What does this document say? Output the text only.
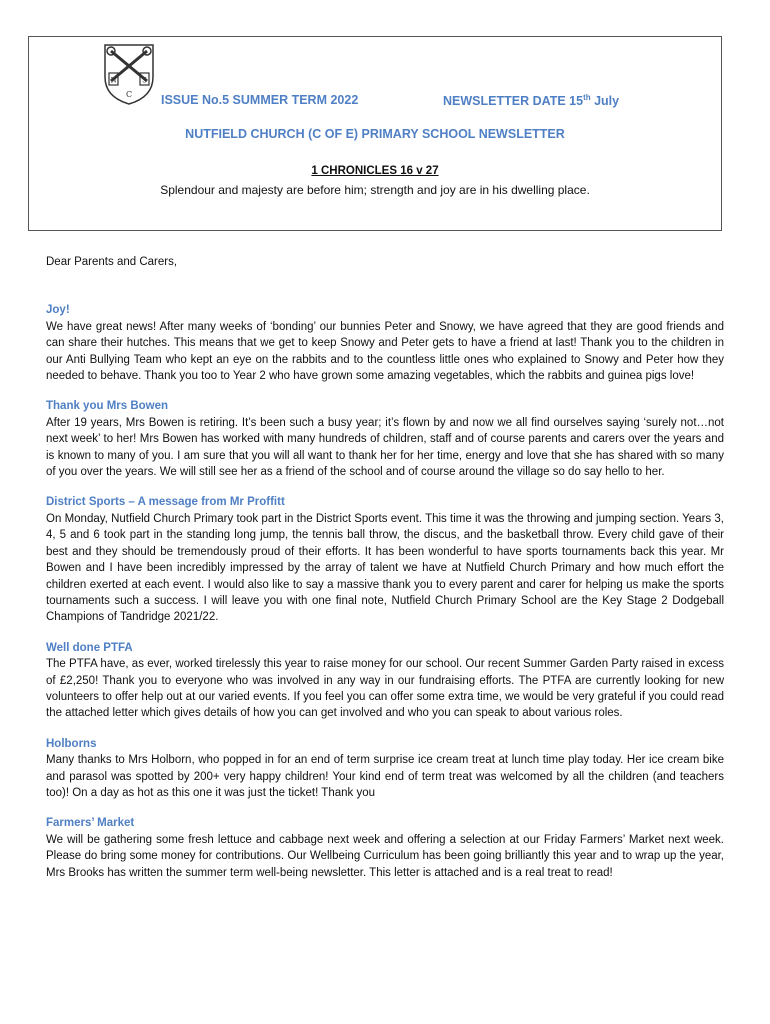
N	S
C ISSUE No.5 SUMMER TERM 2022	NEWSLETTER DATE 15th July
NUTFIELD CHURCH (C OF E) PRIMARY SCHOOL NEWSLETTER
1 CHRONICLES 16 v 27
Splendour and majesty are before him; strength and joy are in his dwelling place.

Dear Parents and Carers,

Joy!

We have great news! After many weeks of ‘bonding’ our bunnies Peter and Snowy, we have agreed that they are good friends and can share their hutches. This means that we get to keep Snowy and Peter gets to have a friend at last! Thank you to the children in our Anti Bullying Team who kept an eye on the rabbits and to the countless little ones who explained to Snowy and Peter how they needed to behave. Thank you too to Year 2 who have grown some amazing vegetables, which the rabbits and guinea pigs love!

Thank you Mrs Bowen

After 19 years, Mrs Bowen is retiring. It’s been such a busy year; it’s flown by and now we all find ourselves saying ‘surely not…not next week’ to her! Mrs Bowen has worked with many hundreds of children, staff and of course parents and carers over the years and is known to many of you. I am sure that you will all want to thank her for her time, energy and love that she has shared with so many of you over the years. We will still see her as a friend of the school and of course around the village so do say hello to her.

District Sports – A message from Mr Proffitt

On Monday, Nutfield Church Primary took part in the District Sports event. This time it was the throwing and jumping section. Years 3, 4, 5 and 6 took part in the standing long jump, the tennis ball throw, the discus, and the basketball throw. Every child gave of their best and they should be tremendously proud of their efforts. It has been wonderful to have sports tournaments back this year. Mr Bowen and I have been incredibly impressed by the array of talent we have at Nutfield Church Primary and how much effort the children exerted at each event. I would also like to say a massive thank you to every parent and carer for helping us make the sports tournaments such a success. I will leave you with one final note, Nutfield Church Primary School are the Key Stage 2 Dodgeball Champions of Tandridge 2021/22.

Well done PTFA

The PTFA have, as ever, worked tirelessly this year to raise money for our school. Our recent Summer Garden Party raised in excess of £2,250! Thank you to everyone who was involved in any way in our fundraising efforts. The PTFA are currently looking for new volunteers to offer help out at our varied events. If you feel you can offer some extra time, we would be very grateful if you could read the attached letter which gives details of how you can get involved and who you can speak to about various roles.

Holborns

Many thanks to Mrs Holborn, who popped in for an end of term surprise ice cream treat at lunch time play today. Her ice cream bike and parasol was spotted by 200+ very happy children! Your kind end of term treat was welcomed by all the children (and teachers too)! On a day as hot as this one it was just the ticket! Thank you

Farmers’ Market

We will be gathering some fresh lettuce and cabbage next week and offering a selection at our Friday Farmers’ Market next week. Please do bring some money for contributions. Our Wellbeing Curriculum has been going brilliantly this year and to wrap up the year, Mrs Brooks has written the summer term well-being newsletter. This letter is attached and is a real treat to read!
